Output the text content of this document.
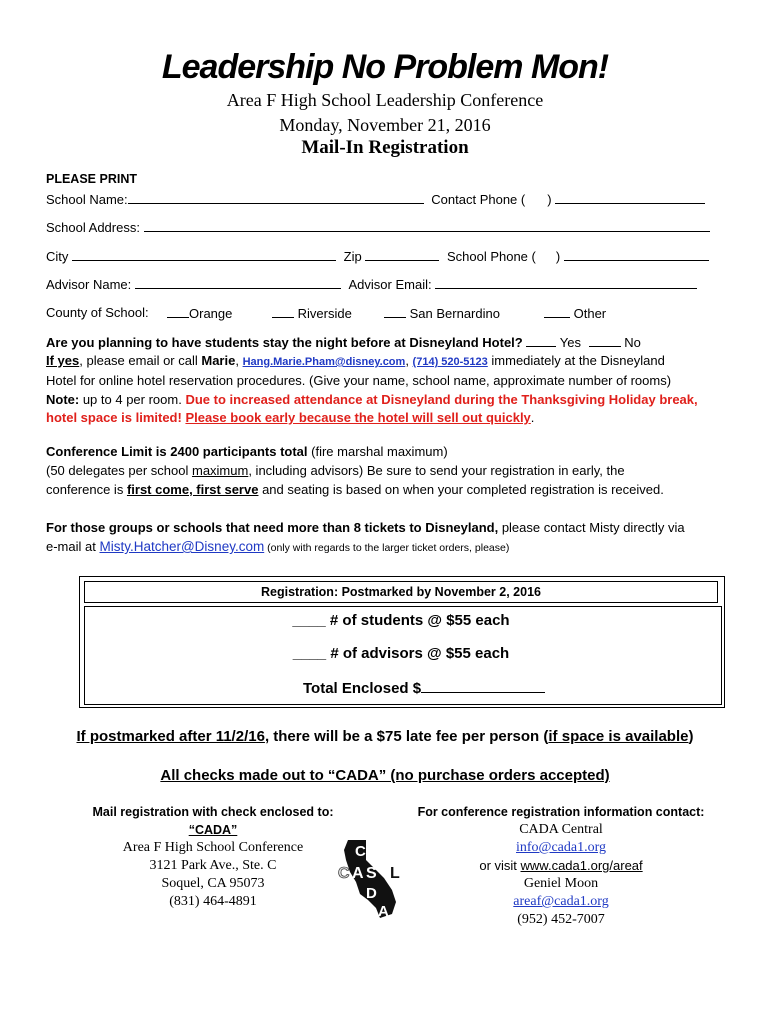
Leadership No Problem Mon!
Area F High School Leadership Conference
Monday, November 21, 2016
Mail-In Registration
PLEASE PRINT
School Name:	Contact Phone ( )
School Address:
City	Zip	School Phone ( )
Advisor Name:	Advisor Email:
County of School:	Orange	Riverside	San Bernardino	Other
Are you planning to have students stay the night before at Disneyland Hotel?	Yes	No
If yes, please email or call Marie, Hang.Marie.Pham@disney.com, (714) 520-5123 immediately at the Disneyland
Hotel for online hotel reservation procedures. (Give your name, school name, approximate number of rooms)
Note: up to 4 per room. Due to increased attendance at Disneyland during the Thanksgiving Holiday break,
hotel space is limited! Please book early because the hotel will sell out quickly.
Conference Limit is 2400 participants total (fire marshal maximum)
(50 delegates per school maximum, including advisors) Be sure to send your registration in early, the
conference is first come, first serve and seating is based on when your completed registration is received.
For those groups or schools that need more than 8 tickets to Disneyland, please contact Misty directly via
e-mail at Misty.Hatcher@Disney.com (only with regards to the larger ticket orders, please)
Registration: Postmarked by November 2, 2016
____ # of students @ $55 each
____ # of advisors @ $55 each
Total Enclosed $
If postmarked after 11/2/16, there will be a $75 late fee per person (if space is available)
All checks made out to “CADA” (no purchase orders accepted)
Mail registration with check enclosed to:
“CADA”
Area F High School Conference
3121 Park Ave., Ste. C
Soquel, CA 95073
(831) 464-4891
C
C A S L
D
A
For conference registration information contact:
CADA Central
info@cada1.org
or visit www.cada1.org/areaf
Geniel Moon
areaf@cada1.org
(952) 452-7007
